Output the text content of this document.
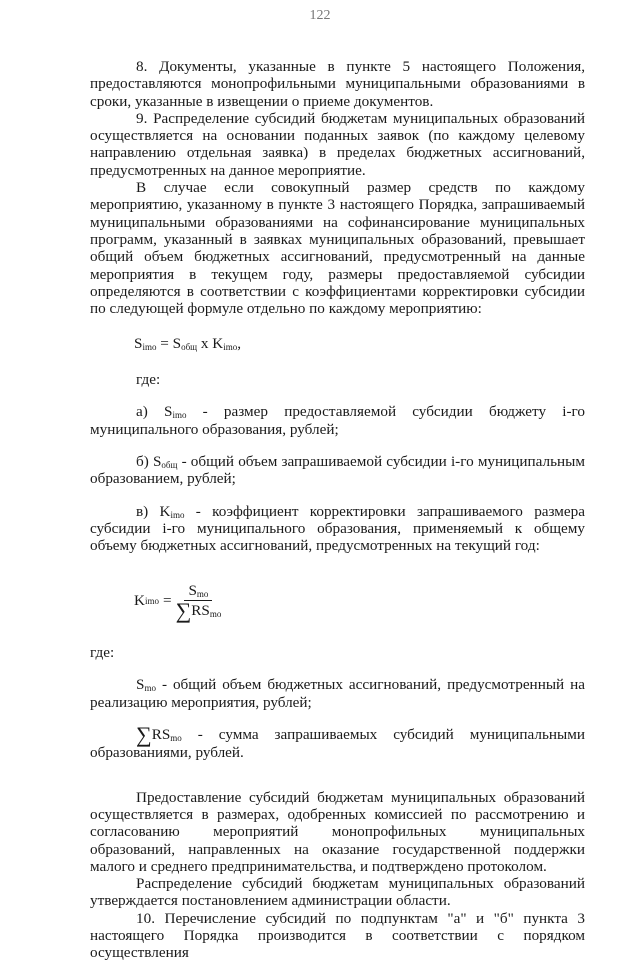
122

8. Документы, указанные в пункте 5 настоящего Положения, предоставляются монопрофильными муниципальными образованиями в сроки, указанные в извещении о приеме документов.

9. Распределение субсидий бюджетам муниципальных образований осуществляется на основании поданных заявок (по каждому целевому направлению отдельная заявка) в пределах бюджетных ассигнований, предусмотренных на данное мероприятие.

В случае если совокупный размер средств по каждому мероприятию, указанному в пункте 3 настоящего Порядка, запрашиваемый муниципальными образованиями на софинансирование муниципальных программ, указанный в заявках муниципальных образований, превышает общий объем бюджетных ассигнований, предусмотренный на данные мероприятия в текущем году, размеры предоставляемой субсидии определяются в соответствии с коэффициентами корректировки субсидии по следующей формуле отдельно по каждому мероприятию:

$S_{imo} = S_{общ}$ x $K_{imo}$,

где:

а) $S_{imo}$ - размер предоставляемой субсидии бюджету i-го муниципального образования, рублей;

б) $S_{общ}$ - общий объем запрашиваемой субсидии i-го муниципальным образованием, рублей;

в) $K_{imo}$ - коэффициент корректировки запрашиваемого размера субсидии i-го муниципального образования, применяемый к общему объему бюджетных ассигнований, предусмотренных на текущий год:

K imo = $\frac{S_{mo}}{\sum RS_{mo}}$

где:

$S_{mo}$ - общий объем бюджетных ассигнований, предусмотренный на реализацию мероприятия, рублей;

$\sum RS_{mo}$ - сумма запрашиваемых субсидий муниципальными образованиями, рублей.

Предоставление субсидий бюджетам муниципальных образований осуществляется в размерах, одобренных комиссией по рассмотрению и согласованию мероприятий монопрофильных муниципальных образований, направленных на оказание государственной поддержки малого и среднего предпринимательства, и подтверждено протоколом.

Распределение субсидий бюджетам муниципальных образований утверждается постановлением администрации области.

10. Перечисление субсидий по подпунктам "а" и "б" пункта 3 настоящего Порядка производится в соответствии с порядком осуществления
